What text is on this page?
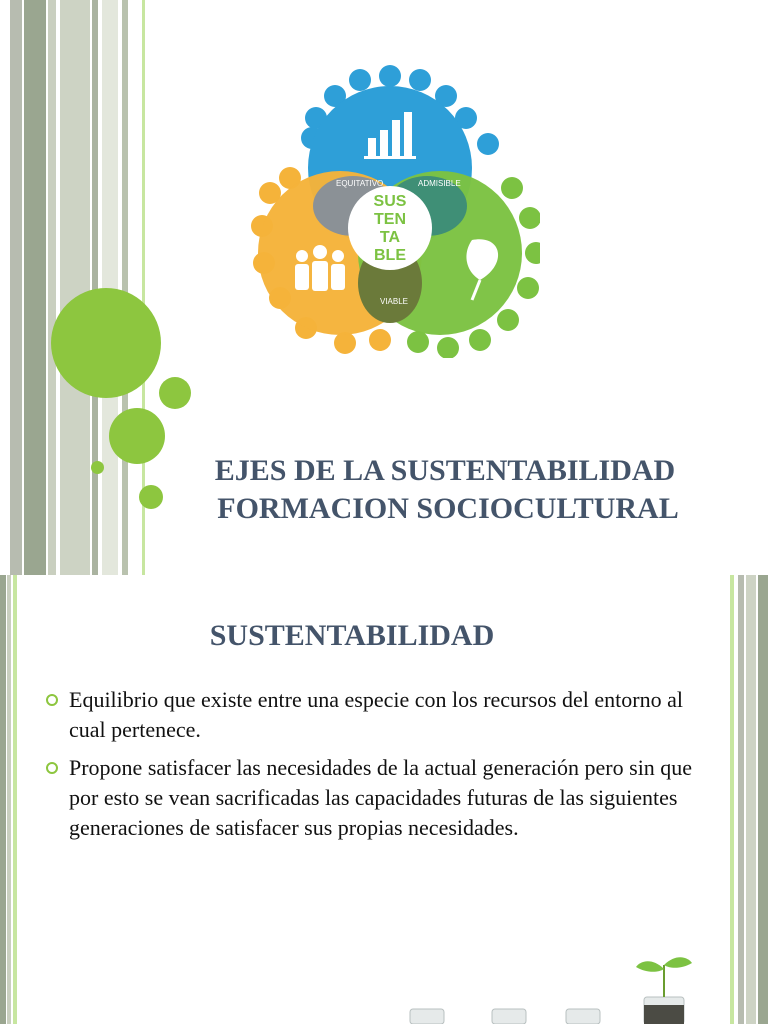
EQUITATIVO	ADMISIBLE
VIABLE
SUS
TEN
TA
BLE
EJES DE LA SUSTENTABILIDAD
FORMACION SOCIOCULTURAL
SUSTENTABILIDAD
Equilibrio que existe entre una especie con los recursos del entorno al cual pertenece.
Propone satisfacer las necesidades de la actual generación pero sin que por esto se vean sacrificadas las capacidades futuras de las siguientes generaciones de satisfacer sus propias necesidades.
